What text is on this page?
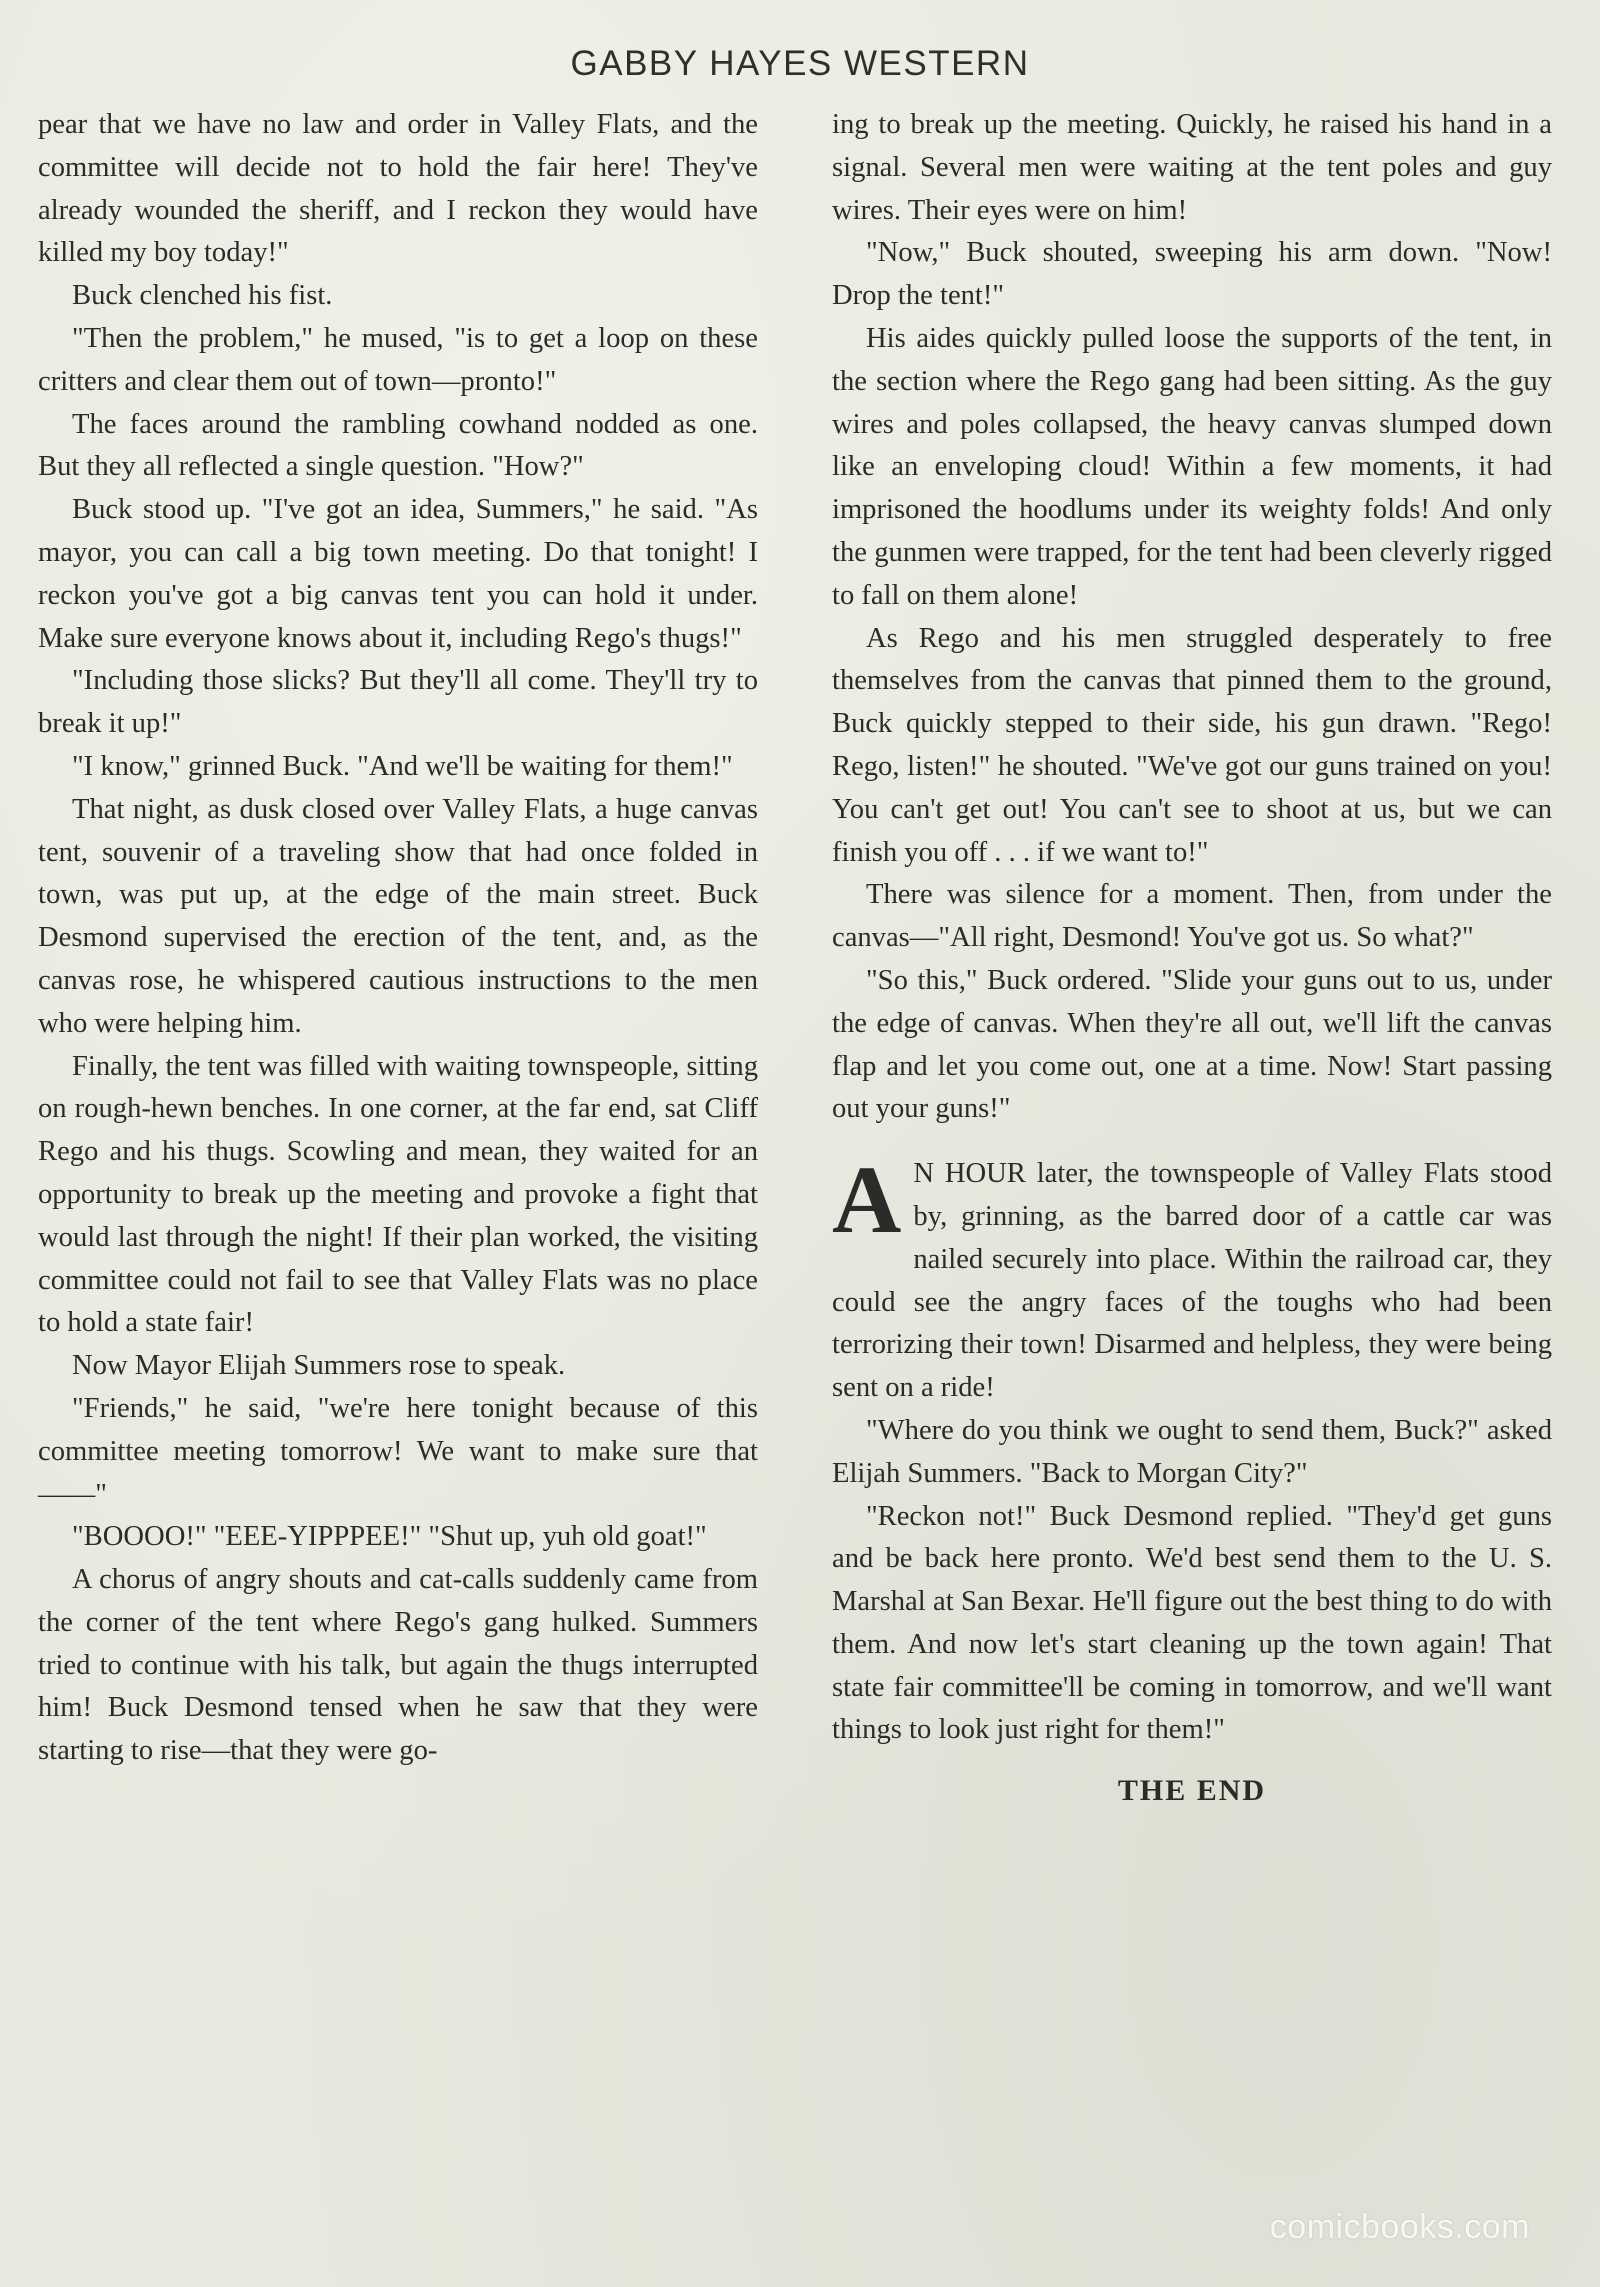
GABBY HAYES WESTERN

pear that we have no law and order in Valley Flats, and the committee will decide not to hold the fair here! They've already wounded the sheriff, and I reckon they would have killed my boy today!"

Buck clenched his fist.

"Then the problem," he mused, "is to get a loop on these critters and clear them out of town—pronto!"

The faces around the rambling cowhand nodded as one. But they all reflected a single question. "How?"

Buck stood up. "I've got an idea, Summers," he said. "As mayor, you can call a big town meeting. Do that tonight! I reckon you've got a big canvas tent you can hold it under. Make sure everyone knows about it, including Rego's thugs!"

"Including those slicks? But they'll all come. They'll try to break it up!"

"I know," grinned Buck. "And we'll be waiting for them!"

That night, as dusk closed over Valley Flats, a huge canvas tent, souvenir of a traveling show that had once folded in town, was put up, at the edge of the main street. Buck Desmond supervised the erection of the tent, and, as the canvas rose, he whispered cautious instructions to the men who were helping him.

Finally, the tent was filled with waiting townspeople, sitting on rough-hewn benches. In one corner, at the far end, sat Cliff Rego and his thugs. Scowling and mean, they waited for an opportunity to break up the meeting and provoke a fight that would last through the night! If their plan worked, the visiting committee could not fail to see that Valley Flats was no place to hold a state fair!

Now Mayor Elijah Summers rose to speak.

"Friends," he said, "we're here tonight because of this committee meeting tomorrow! We want to make sure that——"

"BOOOO!" "EEE-YIPPPEE!" "Shut up, yuh old goat!"

A chorus of angry shouts and cat-calls suddenly came from the corner of the tent where Rego's gang hulked. Summers tried to continue with his talk, but again the thugs interrupted him! Buck Desmond tensed when he saw that they were starting to rise—that they were go-

ing to break up the meeting. Quickly, he raised his hand in a signal. Several men were waiting at the tent poles and guy wires. Their eyes were on him!

"Now," Buck shouted, sweeping his arm down. "Now! Drop the tent!"

His aides quickly pulled loose the supports of the tent, in the section where the Rego gang had been sitting. As the guy wires and poles collapsed, the heavy canvas slumped down like an enveloping cloud! Within a few moments, it had imprisoned the hoodlums under its weighty folds! And only the gunmen were trapped, for the tent had been cleverly rigged to fall on them alone!

As Rego and his men struggled desperately to free themselves from the canvas that pinned them to the ground, Buck quickly stepped to their side, his gun drawn. "Rego! Rego, listen!" he shouted. "We've got our guns trained on you! You can't get out! You can't see to shoot at us, but we can finish you off . . . if we want to!"

There was silence for a moment. Then, from under the canvas—"All right, Desmond! You've got us. So what?"

"So this," Buck ordered. "Slide your guns out to us, under the edge of canvas. When they're all out, we'll lift the canvas flap and let you come out, one at a time. Now! Start passing out your guns!"

A N HOUR later, the townspeople of Valley Flats stood by, grinning, as the barred door of a cattle car was nailed securely into place. Within the railroad car, they could see the angry faces of the toughs who had been terrorizing their town! Disarmed and helpless, they were being sent on a ride!

"Where do you think we ought to send them, Buck?" asked Elijah Summers. "Back to Morgan City?"

"Reckon not!" Buck Desmond replied. "They'd get guns and be back here pronto. We'd best send them to the U. S. Marshal at San Bexar. He'll figure out the best thing to do with them. And now let's start cleaning up the town again! That state fair committee'll be coming in tomorrow, and we'll want things to look just right for them!"

THE END
comicbooks.com
